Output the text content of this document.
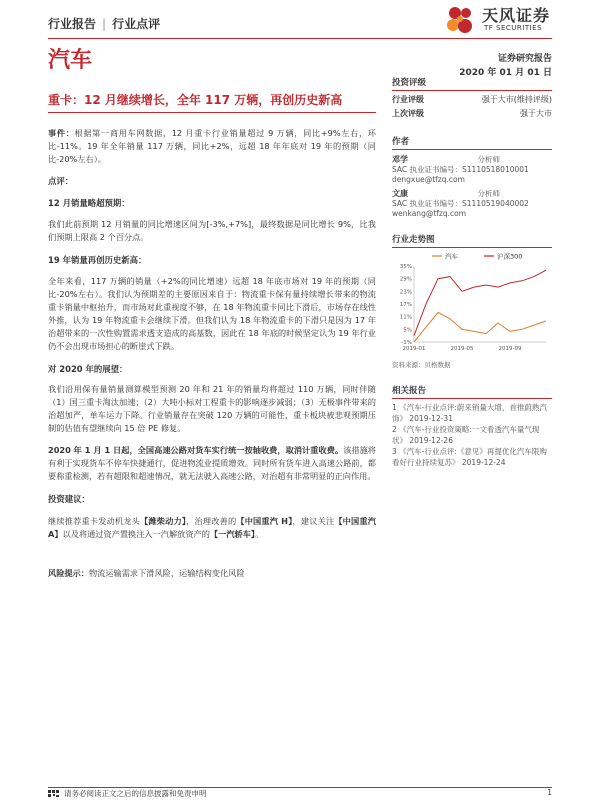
行业报告 | 行业点评	天风证券
TF SECURITIES
汽车	证券研究报告
2020 年 01 月 01 日
重卡：12 月继续增长，全年 117 万辆，再创历史新高

事件：根据第一商用车网数据，12 月重卡行业销量超过 9 万辆，同比+9%左右，环比-11%。19 年全年销量 117 万辆，同比+2%，远超 18 年年底对 19 年的预期（同比-20%左右）。

点评：

12 月销量略超预期：

我们此前预期 12 月销量的同比增速区间为[-3%,+7%]，最终数据是同比增长 9%，比我们预期上限高 2 个百分点。

19 年销量再创历史新高：

全年来看，117 万辆的销量（+2%的同比增速）远超 18 年底市场对 19 年的预期（同比-20%左右）。我们认为预期差的主要原因来自于：物流重卡保有量持续增长带来的物流重卡销量中枢抬升，而市场对此重视度不够，在 18 年物流重卡同比下滑后，市场存在线性外推，认为 19 年物流重卡会继续下滑。但我们认为 18 年物流重卡的下滑只是因为 17 年治超带来的一次性购置需求透支造成的高基数，因此在 18 年底的时候坚定认为 19 年行业仍不会出现市场担心的断崖式下跌。

对 2020 年的展望：

我们沿用保有量销量测算模型预测 20 年和 21 年的销量均将超过 110 万辆，同时伴随（1）国三重卡淘汰加速；（2）大吨小标对工程重卡的影响逐步减弱；（3）无极事件带来的治超加严，单车运力下降。行业销量存在突破 120 万辆的可能性，重卡板块被悲观预期压制的估值有望继续向 15 倍 PE 修复。

2020 年 1 月 1 日起，全国高速公路对货车实行统一按轴收费，取消计重收费。该措施将有利于实现货车不停车快捷通行，促进物流业提质增效。同时所有货车进入高速公路前，都要称重检测，若有超限和超速情况，就无法驶入高速公路，对治超有非常明显的正向作用。

投资建议：

继续推荐重卡发动机龙头【潍柴动力】，治理改善的【中国重汽 H】，建议关注【中国重汽 A】以及将通过资产置换注入一汽解放资产的【一汽轿车】。

风险提示：物流运输需求下滑风险，运输结构变化风险

投资评级
行业评级	强于大市(维持评级)
上次评级	强于大市
作者
邓学	分析师
SAC 执业证书编号：S1110518010001
dengxue@tfzq.com
文康	分析师
SAC 执业证书编号：S1110519040002
wenkang@tfzq.com
行业走势图
汽车	沪深300
-1%
5%
11%
17%
23%
29%
35%
2019-01	2019-05	2019-09
资料来源：贝格数据
相关报告
1 《汽车-行业点评:蔚来销量大增，首推蔚熟汽饰》 2019-12-31
2 《汽车-行业投资策略:一文看透汽车量气现状》 2019-12-26
3 《汽车-行业点评:《意见》再提优化汽车限购 看好行业持续复苏》 2019-12-24
请务必阅读正文之后的信息披露和免责申明	1
